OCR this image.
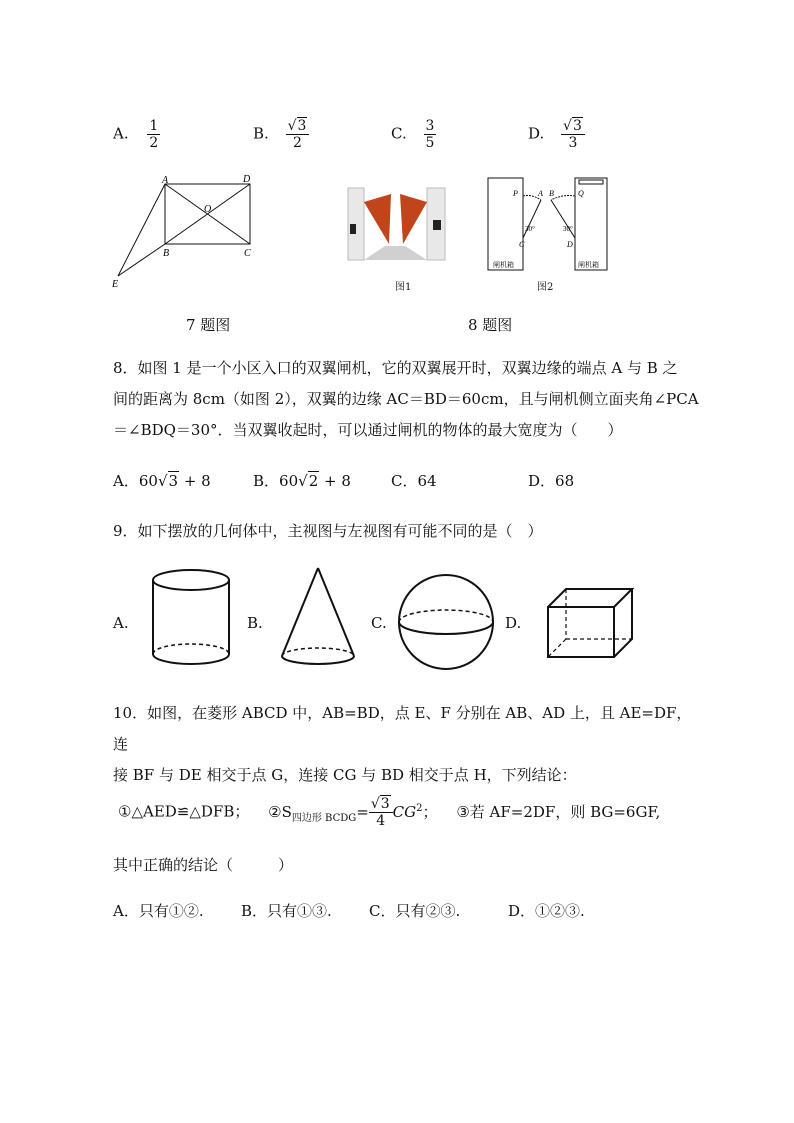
A. $\frac{1}{2}$	B. $\frac{√3}{2}$	C. $\frac{3}{5}$	D. $\frac{√3}{3}$
A	D
O
B	C
E	图1
P	A B	Q
C	D
30°	30°
闸机箱	闸机箱
图2
7 题图	8 题图
8．如图 1 是一个小区入口的双翼闸机，它的双翼展开时，双翼边缘的端点 A 与 B 之
间的距离为 8cm（如图 2），双翼的边缘 AC＝BD＝60cm，且与闸机侧立面夹角∠PCA
＝∠BDQ＝30°．当双翼收起时，可以通过闸机的物体的最大宽度为（　　）
A．60√3 + 8	B．60√2 + 8	C．64	D．68
9．如下摆放的几何体中，主视图与左视图有可能不同的是（　）
A.	B.	C.	D.
10．如图，在菱形 ABCD 中，AB=BD，点 E、F 分别在 AB、AD 上，且 AE=DF，连
接 BF 与 DE 相交于点 G，连接 CG 与 BD 相交于点 H，下列结论：
①△AED≌△DFB； $②S_{四边形 BCDG}= \frac{√3}{4} CG^2$； ③若 AF=2DF，则 BG=6GF,
其中正确的结论（　　　）
A．只有①②. B．只有①③. C．只有②③.	D．①②③.
